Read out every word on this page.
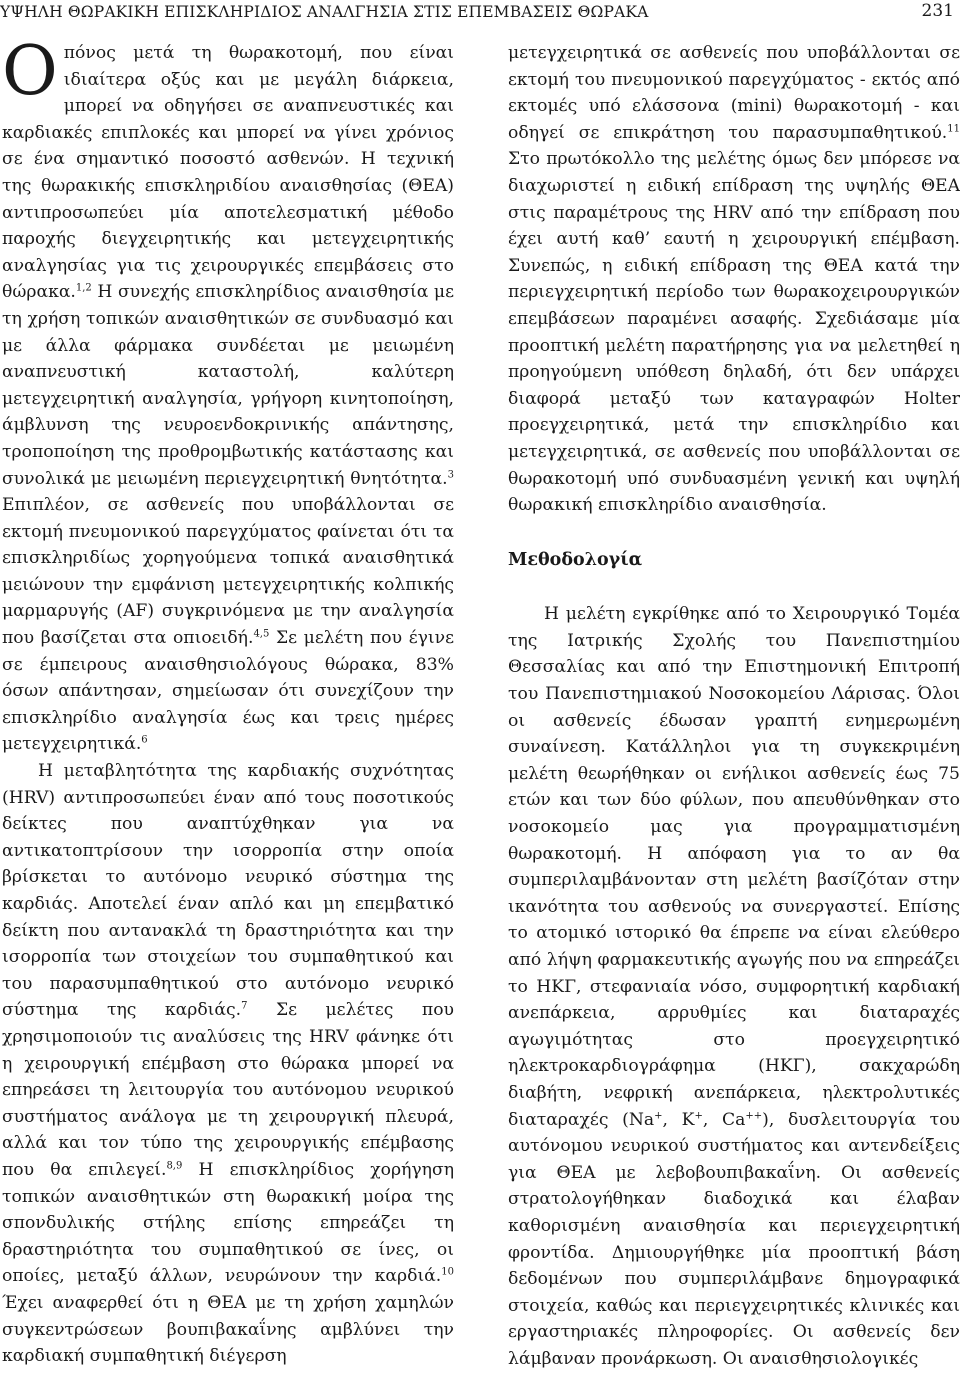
ΥΨΗΛΗ ΘΩΡΑΚΙΚΗ ΕΠΙΣΚΛΗΡΙΔΙΟΣ ΑΝΑΛΓΗΣΙΑ ΣΤΙΣ ΕΠΕΜΒΑΣΕΙΣ ΘΩΡΑΚΑ	231

Οπόνος μετά τη θωρακοτομή, που είναι ιδιαίτερα οξύς και με μεγάλη διάρκεια, μπορεί να οδηγήσει σε αναπνευστικές και καρδιακές επιπλοκές και μπορεί να γίνει χρόνιος σε ένα σημαντικό ποσοστό ασθενών. Η τεχνική της θωρακικής επισκληριδίου αναισθησίας (ΘΕΑ) αντιπροσωπεύει μία αποτελεσματική μέθοδο παροχής διεγχειρητικής και μετεγχειρητικής αναλγησίας για τις χειρουργικές επεμβάσεις στο θώρακα.$^{1,2}$ Η συνεχής επισκληρίδιος αναισθησία με τη χρήση τοπικών αναισθητικών σε συνδυασμό και με άλλα φάρμακα συνδέεται με μειωμένη αναπνευστική καταστολή, καλύτερη μετεγχειρητική αναλγησία, γρήγορη κινητοποίηση, άμβλυνση της νευροενδοκρινικής απάντησης, τροποποίηση της προθρομβωτικής κατάστασης και συνολικά με μειωμένη περιεγχειρητική θνητότητα.$^3$ Επιπλέον, σε ασθενείς που υποβάλλονται σε εκτομή πνευμονικού παρεγχύματος φαίνεται ότι τα επισκληριδίως χορηγούμενα τοπικά αναισθητικά μειώνουν την εμφάνιση μετεγχειρητικής κολπικής μαρμαρυγής (AF) συγκρινόμενα με την αναλγησία που βασίζεται στα οπιοειδή.$^{4,5}$ Σε μελέτη που έγινε σε έμπειρους αναισθησιολόγους θώρακα, 83% όσων απάντησαν, σημείωσαν ότι συνεχίζουν την επισκληρίδιο αναλγησία έως και τρεις ημέρες μετεγχειρητικά.$^6$

Η μεταβλητότητα της καρδιακής συχνότητας (HRV) αντιπροσωπεύει έναν από τους ποσοτικούς δείκτες που αναπτύχθηκαν για να αντικατοπτρίσουν την ισορροπία στην οποία βρίσκεται το αυτόνομο νευρικό σύστημα της καρδιάς. Αποτελεί έναν απλό και μη επεμβατικό δείκτη που αντανακλά τη δραστηριότητα και την ισορροπία των στοιχείων του συμπαθητικού και του παρασυμπαθητικού στο αυτόνομο νευρικό σύστημα της καρδιάς.$^7$ Σε μελέτες που χρησιμοποιούν τις αναλύσεις της HRV φάνηκε ότι η χειρουργική επέμβαση στο θώρακα μπορεί να επηρεάσει τη λειτουργία του αυτόνομου νευρικού συστήματος ανάλογα με τη χειρουργική πλευρά, αλλά και τον τύπο της χειρουργικής επέμβασης που θα επιλεγεί.$^{8,9}$ Η επισκληρίδιος χορήγηση τοπικών αναισθητικών στη θωρακική μοίρα της σπονδυλικής στήλης επίσης επηρεάζει τη δραστηριότητα του συμπαθητικού σε ίνες, οι οποίες, μεταξύ άλλων, νευρώνουν την καρδιά.$^{10}$ Έχει αναφερθεί ότι η ΘΕΑ με τη χρήση χαμηλών συγκεντρώσεων βουπιβακαΐνης αμβλύνει την καρδιακή συμπαθητική διέγερση

μετεγχειρητικά σε ασθενείς που υποβάλλονται σε εκτομή του πνευμονικού παρεγχύματος - εκτός από εκτομές υπό ελάσσονα (mini) θωρακοτομή - και οδηγεί σε επικράτηση του παρασυμπαθητικού.$^{11}$ Στο πρωτόκολλο της μελέτης όμως δεν μπόρεσε να διαχωριστεί η ειδική επίδραση της υψηλής ΘΕΑ στις παραμέτρους της HRV από την επίδραση που έχει αυτή καθ’ εαυτή η χειρουργική επέμβαση. Συνεπώς, η ειδική επίδραση της ΘΕΑ κατά την περιεγχειρητική περίοδο των θωρακοχειρουργικών επεμβάσεων παραμένει ασαφής. Σχεδιάσαμε μία προοπτική μελέτη παρατήρησης για να μελετηθεί η προηγούμενη υπόθεση δηλαδή, ότι δεν υπάρχει διαφορά μεταξύ των καταγραφών Holter προεγχειρητικά, μετά την επισκληρίδιο και μετεγχειρητικά, σε ασθενείς που υποβάλλονται σε θωρακοτομή υπό συνδυασμένη γενική και υψηλή θωρακική επισκληρίδιο αναισθησία.

Μεθοδολογία

Η μελέτη εγκρίθηκε από το Χειρουργικό Τομέα της Ιατρικής Σχολής του Πανεπιστημίου Θεσσαλίας και από την Επιστημονική Επιτροπή του Πανεπιστημιακού Νοσοκομείου Λάρισας. Όλοι οι ασθενείς έδωσαν γραπτή ενημερωμένη συναίνεση. Κατάλληλοι για τη συγκεκριμένη μελέτη θεωρήθηκαν οι ενήλικοι ασθενείς έως 75 ετών και των δύο φύλων, που απευθύνθηκαν στο νοσοκομείο μας για προγραμματισμένη θωρακοτομή. Η απόφαση για το αν θα συμπεριλαμβάνονταν στη μελέτη βασίζόταν στην ικανότητα του ασθενούς να συνεργαστεί. Επίσης το ατομικό ιστορικό θα έπρεπε να είναι ελεύθερο από λήψη φαρμακευτικής αγωγής που να επηρεάζει το ΗΚΓ, στεφανιαία νόσο, συμφορητική καρδιακή ανεπάρκεια, αρρυθμίες και διαταραχές αγωγιμότητας στο προεγχειρητικό ηλεκτροκαρδιογράφημα (ΗΚΓ), σακχαρώδη διαβήτη, νεφρική ανεπάρκεια, ηλεκτρολυτικές διαταραχές (Na+, K+, Ca++), δυσλειτουργία του αυτόνομου νευρικού συστήματος και αντενδείξεις για ΘΕΑ με λεβοβουπιβακαΐνη. Οι ασθενείς στρατολογήθηκαν διαδοχικά και έλαβαν καθορισμένη αναισθησία και περιεγχειρητική φροντίδα. Δημιουργήθηκε μία προοπτική βάση δεδομένων που συμπεριλάμβανε δημογραφικά στοιχεία, καθώς και περιεγχειρητικές κλινικές και εργαστηριακές πληροφορίες. Οι ασθενείς δεν λάμβαναν προνάρκωση. Οι αναισθησιολογικές
